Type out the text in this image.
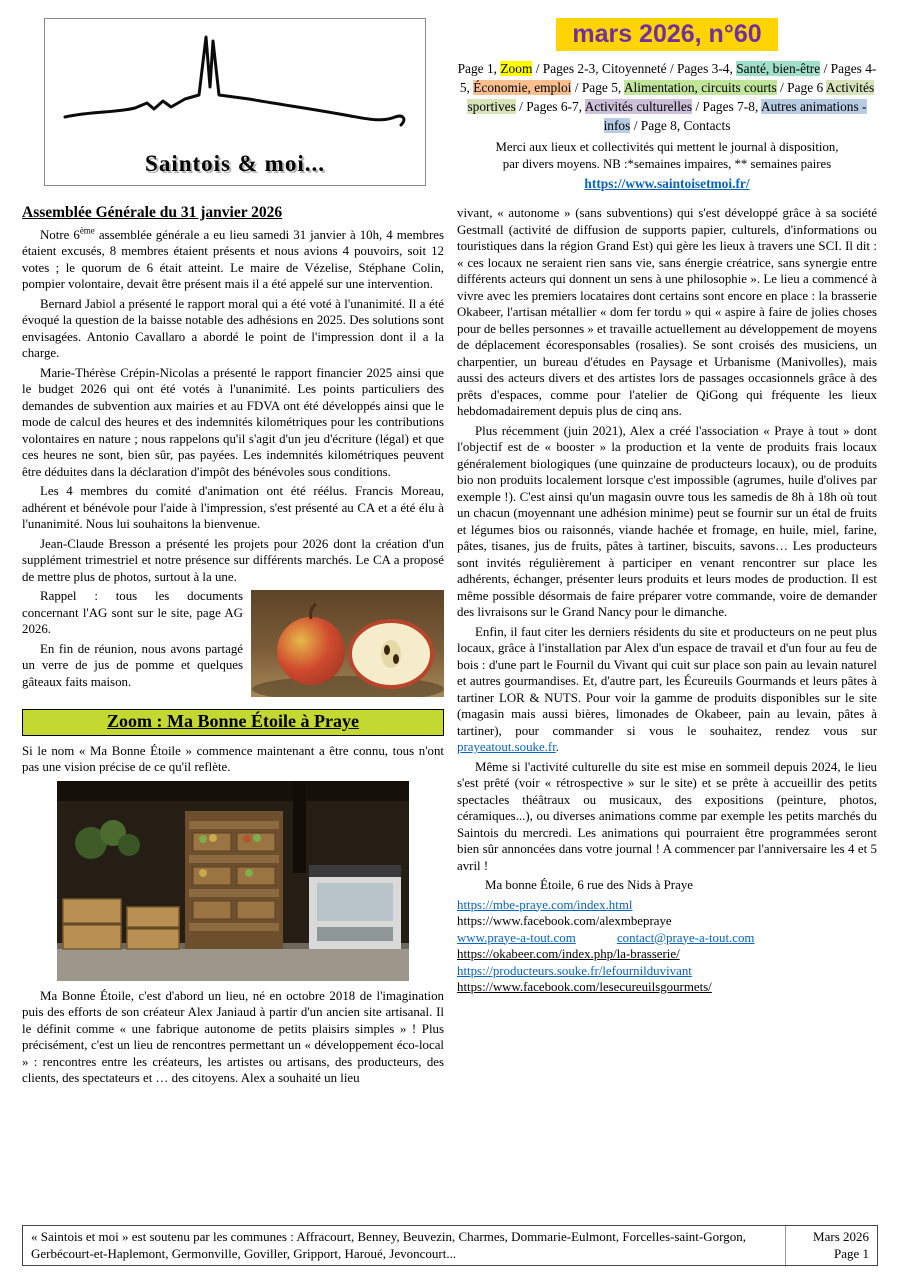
Saintois & moi...
mars 2026, n°60

Page 1, Zoom / Pages 2-3, Citoyenneté / Pages 3-4, Santé, bien-être / Pages 4-5, Économie, emploi / Page 5, Alimentation, circuits courts / Page 6 Activités sportives / Pages 6-7, Activités culturelles / Pages 7-8, Autres animations - infos / Page 8, Contacts

Merci aux lieux et collectivités qui mettent le journal à disposition,
par divers moyens. NB :*semaines impaires, ** semaines paires

https://www.saintoisetmoi.fr/
Assemblée Générale du 31 janvier 2026

Notre 6ème assemblée générale a eu lieu samedi 31 janvier à 10h, 4 membres étaient excusés, 8 membres étaient présents et nous avions 4 pouvoirs, soit 12 votes ; le quorum de 6 était atteint. Le maire de Vézelise, Stéphane Colin, pompier volontaire, devait être présent mais il a été appelé sur une intervention.

Bernard Jabiol a présenté le rapport moral qui a été voté à l'unanimité. Il a été évoqué la question de la baisse notable des adhésions en 2025. Des solutions sont envisagées. Antonio Cavallaro a abordé le point de l'impression dont il a la charge.

Marie-Thérèse Crépin-Nicolas a présenté le rapport financier 2025 ainsi que le budget 2026 qui ont été votés à l'unanimité. Les points particuliers des demandes de subvention aux mairies et au FDVA ont été développés ainsi que le mode de calcul des heures et des indemnités kilométriques pour les contributions volontaires en nature ; nous rappelons qu'il s'agit d'un jeu d'écriture (légal) et que ces heures ne sont, bien sûr, pas payées. Les indemnités kilométriques peuvent être déduites dans la déclaration d'impôt des bénévoles sous conditions.

Les 4 membres du comité d'animation ont été réélus. Francis Moreau, adhérent et bénévole pour l'aide à l'impression, s'est présenté au CA et a été élu à l'unanimité. Nous lui souhaitons la bienvenue.

Jean-Claude Bresson a présenté les projets pour 2026 dont la création d'un supplément trimestriel et notre présence sur différents marchés. Le CA a proposé de mettre plus de photos, surtout à la une.

Rappel : tous les documents concernant l'AG sont sur le site, page AG 2026.

En fin de réunion, nous avons partagé un verre de jus de pomme et quelques gâteaux faits maison.

Zoom : Ma Bonne Étoile à Praye

Si le nom « Ma Bonne Étoile » commence maintenant a être connu, tous n'ont pas une vision précise de ce qu'il reflète.

Ma Bonne Étoile, c'est d'abord un lieu, né en octobre 2018 de l'imagination puis des efforts de son créateur Alex Janiaud à partir d'un ancien site artisanal. Il le définit comme « une fabrique autonome de petits plaisirs simples » ! Plus précisément, c'est un lieu de rencontres permettant un « développement éco-local » : rencontres entre les créateurs, les artistes ou artisans, des producteurs, des clients, des spectateurs et … des citoyens. Alex a souhaité un lieu

vivant, « autonome » (sans subventions) qui s'est développé grâce à sa société Gestmall (activité de diffusion de supports papier, culturels, d'informations ou touristiques dans la région Grand Est) qui gère les lieux à travers une SCI. Il dit : « ces locaux ne seraient rien sans vie, sans énergie créatrice, sans synergie entre différents acteurs qui donnent un sens à une philosophie ». Le lieu a commencé à vivre avec les premiers locataires dont certains sont encore en place : la brasserie Okabeer, l'artisan métallier « dom fer tordu » qui « aspire à faire de jolies choses pour de belles personnes » et travaille actuellement au développement de moyens de déplacement écoresponsables (rosalies). Se sont croisés des musiciens, un charpentier, un bureau d'études en Paysage et Urbanisme (Manivolles), mais aussi des acteurs divers et des artistes lors de passages occasionnels grâce à des prêts d'espaces, comme pour l'atelier de QiGong qui fréquente les lieux hebdomadairement depuis plus de cinq ans.

Plus récemment (juin 2021), Alex a créé l'association « Praye à tout » dont l'objectif est de « booster » la production et la vente de produits frais locaux généralement biologiques (une quinzaine de producteurs locaux), ou de produits bio non produits localement lorsque c'est impossible (agrumes, huile d'olives par exemple !). C'est ainsi qu'un magasin ouvre tous les samedis de 8h à 18h où tout un chacun (moyennant une adhésion minime) peut se fournir sur un étal de fruits et légumes bios ou raisonnés, viande hachée et fromage, en huile, miel, farine, pâtes, tisanes, jus de fruits, pâtes à tartiner, biscuits, savons… Les producteurs sont invités régulièrement à participer en venant rencontrer sur place les adhérents, échanger, présenter leurs produits et leurs modes de production. Il est même possible désormais de faire préparer votre commande, voire de demander des livraisons sur le Grand Nancy pour le dimanche.

Enfin, il faut citer les derniers résidents du site et producteurs on ne peut plus locaux, grâce à l'installation par Alex d'un espace de travail et d'un four au feu de bois : d'une part le Fournil du Vivant qui cuit sur place son pain au levain naturel et autres gourmandises. Et, d'autre part, les Écureuils Gourmands et leurs pâtes à tartiner LOR & NUTS. Pour voir la gamme de produits disponibles sur le site (magasin mais aussi bières, limonades de Okabeer, pain au levain, pâtes à tartiner), pour commander si vous le souhaitez, rendez vous sur prayeatout.souke.fr.

Même si l'activité culturelle du site est mise en sommeil depuis 2024, le lieu s'est prêté (voir « rétrospective » sur le site) et se prête à accueillir des petits spectacles théâtraux ou musicaux, des expositions (peinture, photos, céramiques...), ou diverses animations comme par exemple les petits marchés du Saintois du mercredi. Les animations qui pourraient être programmées seront bien sûr annoncées dans votre journal ! A commencer par l'anniversaire les 4 et 5 avril !

Ma bonne Étoile, 6 rue des Nids à Praye

https://mbe-praye.com/index.html
https://www.facebook.com/alexmbepraye
www.praye-a-tout.com	contact@praye-a-tout.com
https://okabeer.com/index.php/la-brasserie/
https://producteurs.souke.fr/lefournilduvivant
https://www.facebook.com/lesecureuilsgourmets/
« Saintois et moi » est soutenu par les communes : Affracourt, Benney, Beuvezin, Charmes, Dommarie-Eulmont, Forcelles-saint-Gorgon, Gerbécourt-et-Haplemont, Germonville, Goviller, Gripport, Haroué, Jevoncourt...
Mars 2026
Page 1
